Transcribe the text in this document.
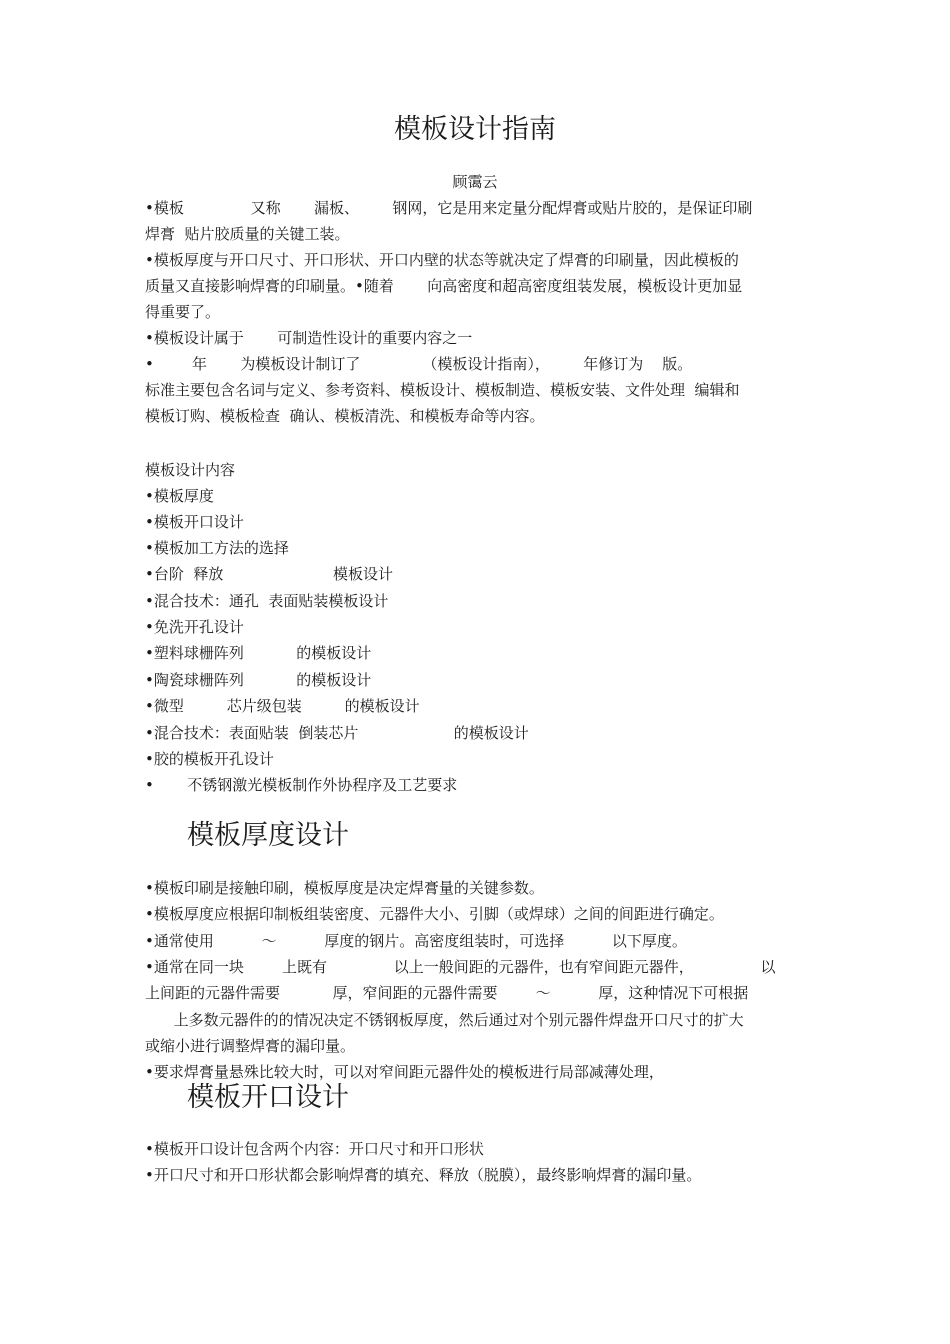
模板设计指南
顾霭云
•模板              又称       漏板、       钢网，它是用来定量分配焊膏或贴片胶的，是保证印刷
焊膏  贴片胶质量的关键工装。
•模板厚度与开口尺寸、开口形状、开口内壁的状态等就决定了焊膏的印刷量，因此模板的
质量又直接影响焊膏的印刷量。•随着       向高密度和超高密度组装发展，模板设计更加显
得重要了。
•模板设计属于       可制造性设计的重要内容之一
•        年       为模板设计制订了             （模板设计指南），       年修订为    版。
标准主要包含名词与定义、参考资料、模板设计、模板制造、模板安装、文件处理  编辑和
模板订购、模板检查  确认、模板清洗、和模板寿命等内容。
模板设计内容
•模板厚度
•模板开口设计
•模板加工方法的选择
•台阶  释放                       模板设计
•混合技术：通孔  表面贴装模板设计
•免洗开孔设计
•塑料球栅阵列           的模板设计
•陶瓷球栅阵列           的模板设计
•微型         芯片级包装         的模板设计
•混合技术：表面贴装  倒装芯片                    的模板设计
•胶的模板开孔设计
•       不锈钢激光模板制作外协程序及工艺要求
模板厚度设计
•模板印刷是接触印刷，模板厚度是决定焊膏量的关键参数。
•模板厚度应根据印制板组装密度、元器件大小、引脚（或焊球）之间的间距进行确定。
•通常使用          ～          厚度的钢片。高密度组装时，可选择          以下厚度。
•通常在同一块        上既有              以上一般间距的元器件，也有窄间距元器件，              以
上间距的元器件需要           厚，窄间距的元器件需要        ～          厚，这种情况下可根据
上多数元器件的的情况决定不锈钢板厚度，然后通过对个别元器件焊盘开口尺寸的扩大
或缩小进行调整焊膏的漏印量。
•要求焊膏量悬殊比较大时，可以对窄间距元器件处的模板进行局部减薄处理，
模板开口设计
•模板开口设计包含两个内容：开口尺寸和开口形状
•开口尺寸和开口形状都会影响焊膏的填充、释放（脱膜），最终影响焊膏的漏印量。
